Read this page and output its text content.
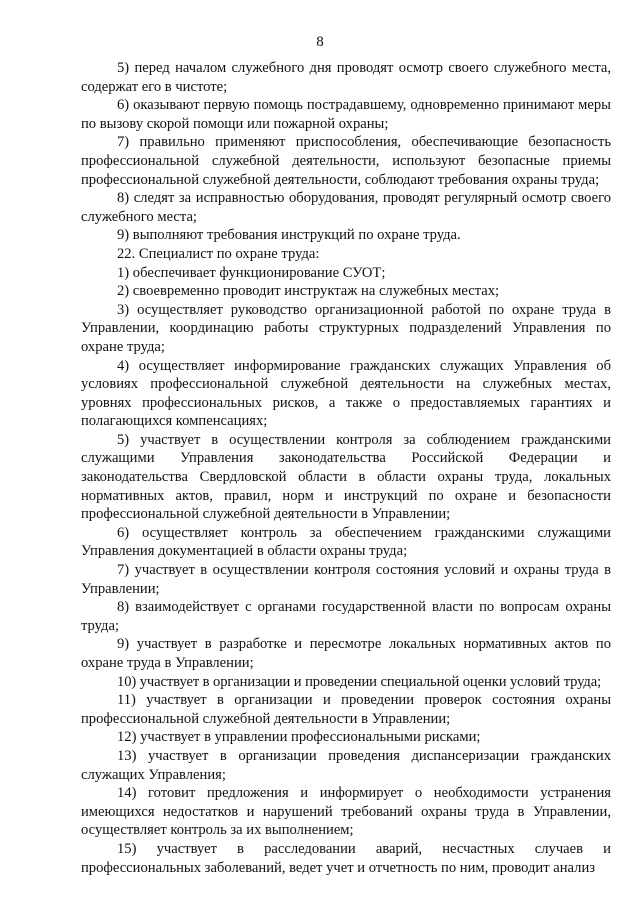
8

5) перед началом служебного дня проводят осмотр своего служебного места, содержат его в чистоте;

6) оказывают первую помощь пострадавшему, одновременно принимают меры по вызову скорой помощи или пожарной охраны;

7) правильно применяют приспособления, обеспечивающие безопасность профессиональной служебной деятельности, используют безопасные приемы профессиональной служебной деятельности, соблюдают требования охраны труда;

8) следят за исправностью оборудования, проводят регулярный осмотр своего служебного места;

9) выполняют требования инструкций по охране труда.

22. Специалист по охране труда:

1) обеспечивает функционирование СУОТ;

2) своевременно проводит инструктаж на служебных местах;

3) осуществляет руководство организационной работой по охране труда в Управлении, координацию работы структурных подразделений Управления по охране труда;

4) осуществляет информирование гражданских служащих Управления об условиях профессиональной служебной деятельности на служебных местах, уровнях профессиональных рисков, а также о предоставляемых гарантиях и полагающихся компенсациях;

5) участвует в осуществлении контроля за соблюдением гражданскими служащими Управления законодательства Российской Федерации и законодательства Свердловской области в области охраны труда, локальных нормативных актов, правил, норм и инструкций по охране и безопасности профессиональной служебной деятельности в Управлении;

6) осуществляет контроль за обеспечением гражданскими служащими Управления документацией в области охраны труда;

7) участвует в осуществлении контроля состояния условий и охраны труда в Управлении;

8) взаимодействует с органами государственной власти по вопросам охраны труда;

9) участвует в разработке и пересмотре локальных нормативных актов по охране труда в Управлении;

10) участвует в организации и проведении специальной оценки условий труда;

11) участвует в организации и проведении проверок состояния охраны профессиональной служебной деятельности в Управлении;

12) участвует в управлении профессиональными рисками;

13) участвует в организации проведения диспансеризации гражданских служащих Управления;

14) готовит предложения и информирует о необходимости устранения имеющихся недостатков и нарушений требований охраны труда в Управлении, осуществляет контроль за их выполнением;

15) участвует в расследовании аварий, несчастных случаев и профессиональных заболеваний, ведет учет и отчетность по ним, проводит анализ
